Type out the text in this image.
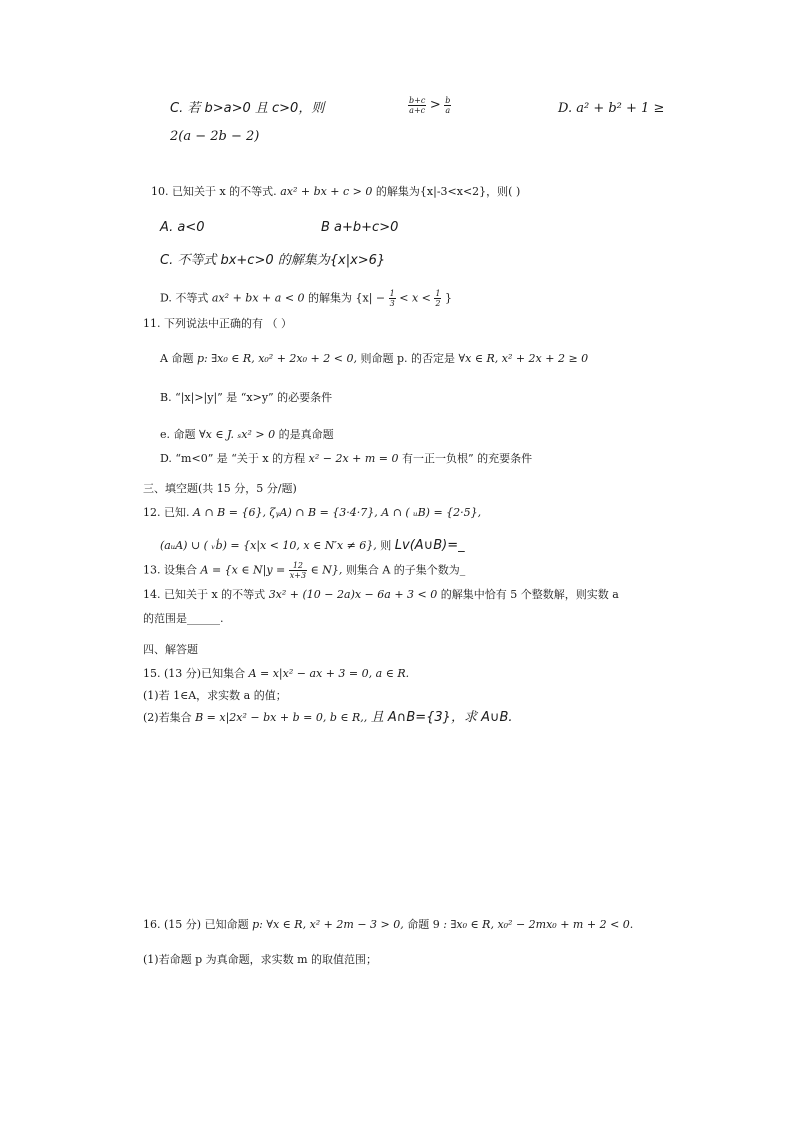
C. 若 b>a>0 且 c>0，则	$\frac{b+c}{a+c} > \frac{b}{a}$	D. a² + b² + 1 ≥
2(a − 2b − 2)
10. 已知关于 x 的不等式. ax² + bx + c > 0 的解集为{x|-3<x<2}，则( )
A. a<0	B a+b+c>0
C. 不等式 bx+c>0 的解集为{x|x>6}
D. 不等式 ax² + bx + a < 0 的解集为 {$x| - \frac{1}{3} < x < \frac{1}{2}$ }
11. 下列说法中正确的有 （ ）
A 命题 p: ∃x₀ ∈ R, x₀² + 2x₀ + 2 < 0, 则命题 p. 的否定是 ∀x ∈ R, x² + 2x + 2 ≥ 0
B. “|x|>|y|” 是 “x>y” 的必要条件
e. 命题 ∀x ∈ J. ₛx² > 0 的是真命题
D. “m<0” 是 “关于 x 的方程 x² − 2x + m = 0 有一正一负根” 的充要条件
三、填空题(共 15 分，5 分/题)
12. 已知. A ∩ B = {6}, ζᵧA) ∩ B = {3·4·7}, A ∩ ( ᵤB) = {2·5},
(aᵤA) ∪ ( ᵥḃ) = {x|x < 10, x ∈ N′x ≠ 6}, 则 Lv(A∪B)=_
13. 设集合 A = {x ∈ $N|y = \frac{12}{x+3}$ ∈ N}, 则集合 A 的子集个数为_
14. 已知关于 x 的不等式 3x² + (10 − 2a)x − 6a + 3 < 0 的解集中恰有 5 个整数解，则实数 a
的范围是______.
四、解答题
15. (13 分)已知集合 A = x|x² − ax + 3 = 0, a ∈ R.
(1)若 1∈A，求实数 a 的值；
(2)若集合 B = x|2x² − bx + b = 0, b ∈ R,, 且 A∩B={3}，求 A∪B.
16. (15 分) 已知命题 p: ∀x ∈ R, x² + 2m − 3 > 0, 命题 9 : ∃x₀ ∈ R, x₀² − 2mx₀ + m + 2 < 0.
(1)若命题 p 为真命题，求实数 m 的取值范围；
